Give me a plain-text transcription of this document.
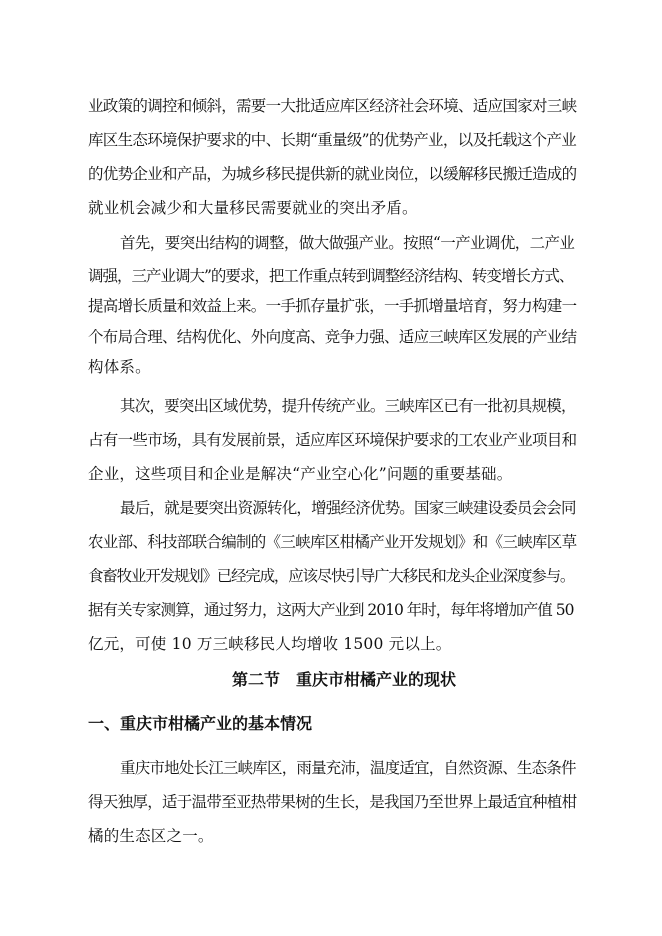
业政策的调控和倾斜，需要一大批适应库区经济社会环境、适应国家对三峡
库区生态环境保护要求的中、长期“重量级”的优势产业，以及托载这个产业
的优势企业和产品，为城乡移民提供新的就业岗位，以缓解移民搬迁造成的
就业机会减少和大量移民需要就业的突出矛盾。
首先，要突出结构的调整，做大做强产业。按照“一产业调优，二产业
调强，三产业调大”的要求，把工作重点转到调整经济结构、转变增长方式、
提高增长质量和效益上来。一手抓存量扩张，一手抓增量培育，努力构建一
个布局合理、结构优化、外向度高、竞争力强、适应三峡库区发展的产业结
构体系。
其次，要突出区域优势，提升传统产业。三峡库区已有一批初具规模，
占有一些市场，具有发展前景，适应库区环境保护要求的工农业产业项目和
企业，这些项目和企业是解决“产业空心化”问题的重要基础。
最后，就是要突出资源转化，增强经济优势。国家三峡建设委员会会同
农业部、科技部联合编制的《三峡库区柑橘产业开发规划》和《三峡库区草
食畜牧业开发规划》已经完成，应该尽快引导广大移民和龙头企业深度参与。
据有关专家测算，通过努力，这两大产业到 2010 年时，每年将增加产值 50
亿元，可使 10 万三峡移民人均增收 1500 元以上。
第二节　重庆市柑橘产业的现状
一、重庆市柑橘产业的基本情况
重庆市地处长江三峡库区，雨量充沛，温度适宜，自然资源、生态条件
得天独厚，适于温带至亚热带果树的生长，是我国乃至世界上最适宜种植柑
橘的生态区之一。
